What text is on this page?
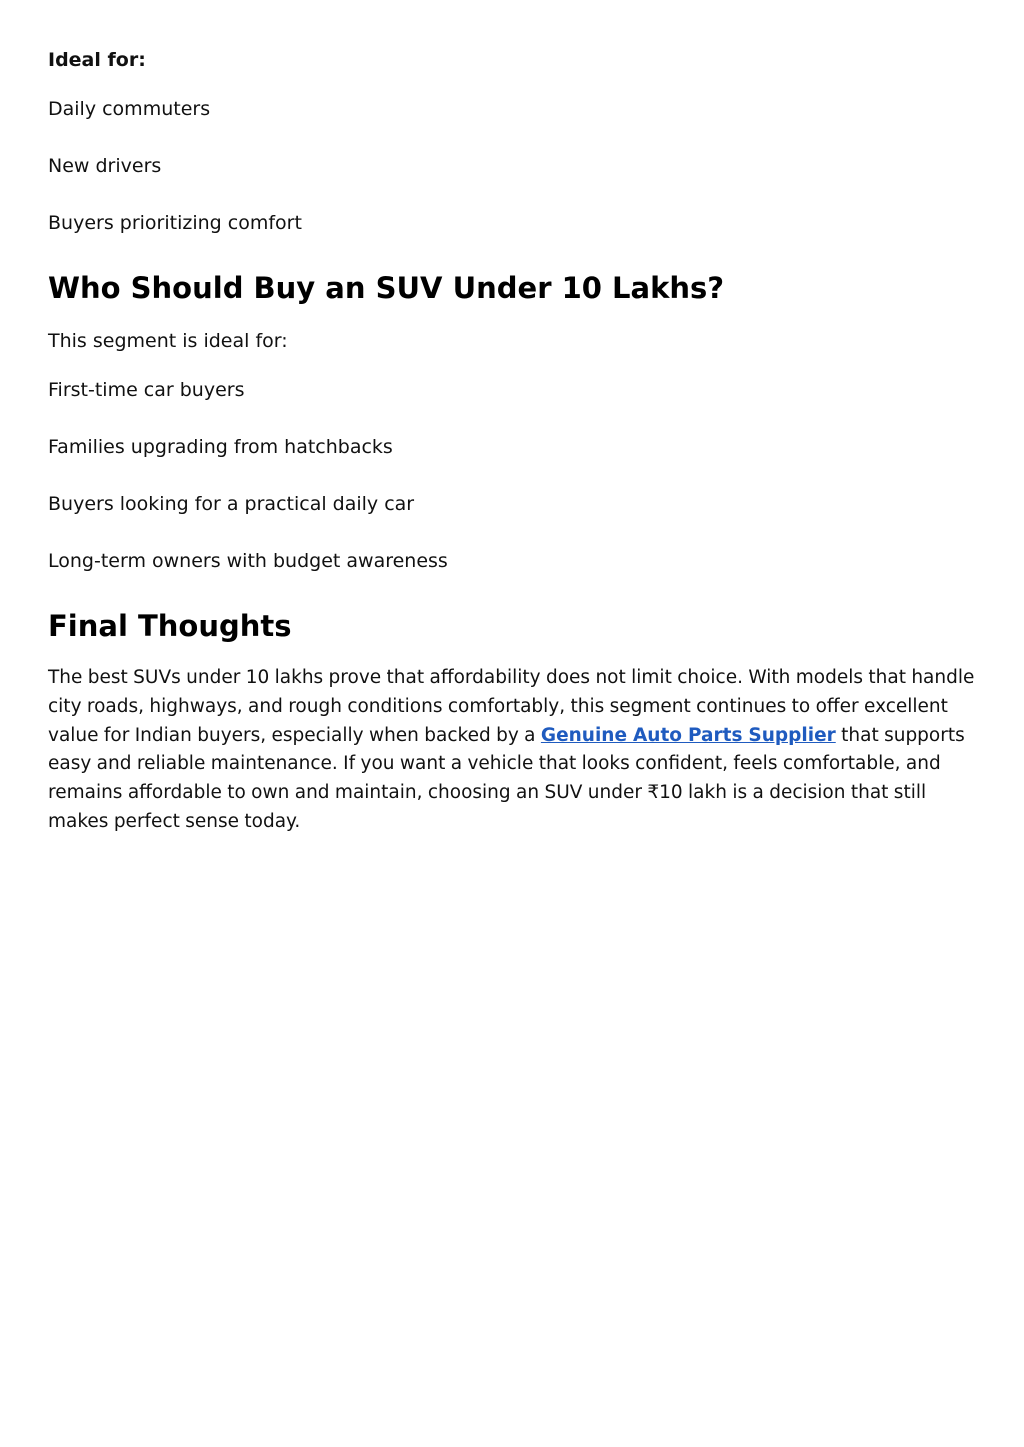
Ideal for:

Daily commuters

New drivers

Buyers prioritizing comfort

Who Should Buy an SUV Under 10 Lakhs?

This segment is ideal for:

First-time car buyers

Families upgrading from hatchbacks

Buyers looking for a practical daily car

Long-term owners with budget awareness

Final Thoughts

The best SUVs under 10 lakhs prove that affordability does not limit choice. With models that handle city roads, highways, and rough conditions comfortably, this segment continues to offer excellent value for Indian buyers, especially when backed by a Genuine Auto Parts Supplier that supports easy and reliable maintenance. If you want a vehicle that looks confident, feels comfortable, and remains affordable to own and maintain, choosing an SUV under ₹10 lakh is a decision that still makes perfect sense today.
